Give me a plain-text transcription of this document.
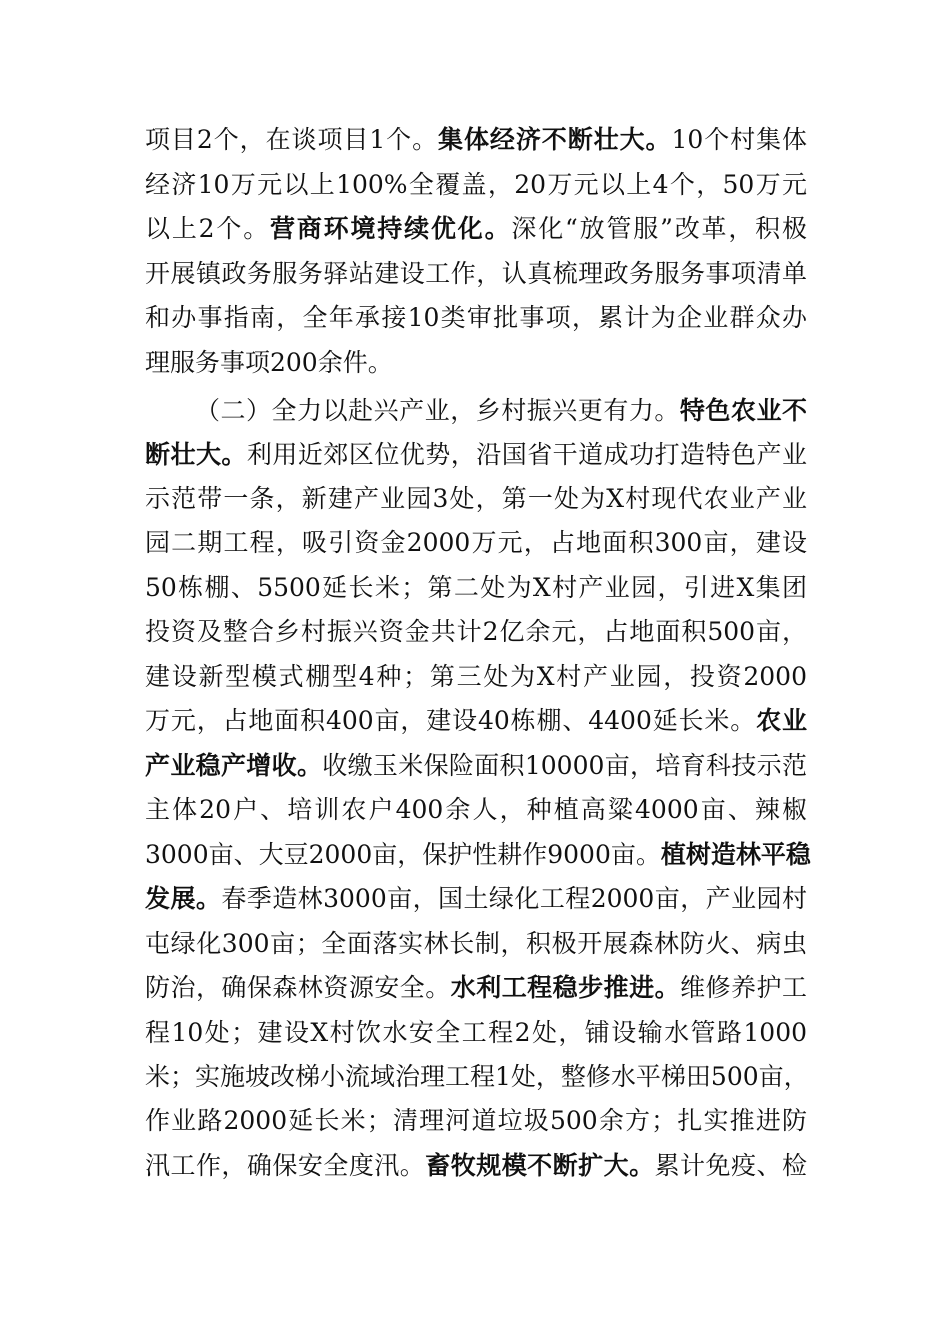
项目2个，在谈项目1个。集体经济不断壮大。10个村集体
经济10万元以上100%全覆盖，20万元以上4个，50万元
以上2个。营商环境持续优化。深化“放管服”改革，积极
开展镇政务服务驿站建设工作，认真梳理政务服务事项清单
和办事指南，全年承接10类审批事项，累计为企业群众办
理服务事项200余件。
（二）全力以赴兴产业，乡村振兴更有力。特色农业不
断壮大。利用近郊区位优势，沿国省干道成功打造特色产业
示范带一条，新建产业园3处，第一处为X村现代农业产业
园二期工程，吸引资金2000万元，占地面积300亩，建设
50栋棚、5500延长米；第二处为X村产业园，引进X集团
投资及整合乡村振兴资金共计2亿余元，占地面积500亩，
建设新型模式棚型4种；第三处为X村产业园，投资2000
万元，占地面积400亩，建设40栋棚、4400延长米。农业
产业稳产增收。收缴玉米保险面积10000亩，培育科技示范
主体20户、培训农户400余人，种植高粱4000亩、辣椒
3000亩、大豆2000亩，保护性耕作9000亩。植树造林平稳
发展。春季造林3000亩，国土绿化工程2000亩，产业园村
屯绿化300亩；全面落实林长制，积极开展森林防火、病虫
防治，确保森林资源安全。水利工程稳步推进。维修养护工
程10处；建设X村饮水安全工程2处，铺设输水管路1000
米；实施坡改梯小流域治理工程1处，整修水平梯田500亩，
作业路2000延长米；清理河道垃圾500余方；扎实推进防
汛工作，确保安全度汛。畜牧规模不断扩大。累计免疫、检
